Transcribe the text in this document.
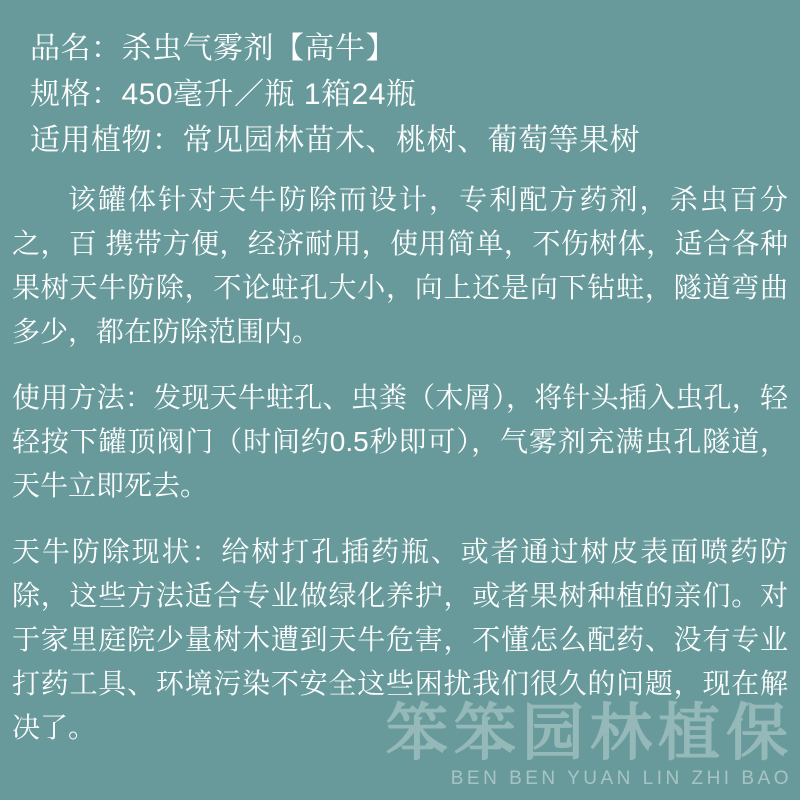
品名：杀虫气雾剂【高牛】
规格：450毫升／瓶 1箱24瓶
适用植物：常见园林苗木、桃树、葡萄等果树
该罐体针对天牛防除而设计，专利配方药剂，杀虫百分之，百 携带方便，经济耐用，使用简单，不伤树体，适合各种果树天牛防除，不论蛀孔大小，向上还是向下钻蛀，隧道弯曲多少，都在防除范围内。
使用方法：发现天牛蛀孔、虫粪（木屑），将针头插入虫孔，轻轻按下罐顶阀门（时间约0.5秒即可），气雾剂充满虫孔隧道，天牛立即死去。
天牛防除现状：给树打孔插药瓶、或者通过树皮表面喷药防除，这些方法适合专业做绿化养护，或者果树种植的亲们。对于家里庭院少量树木遭到天牛危害，不懂怎么配药、没有专业打药工具、环境污染不安全这些困扰我们很久的问题，现在解决了。	笨笨园林植保
BEN BEN YUAN LIN ZHI BAO
